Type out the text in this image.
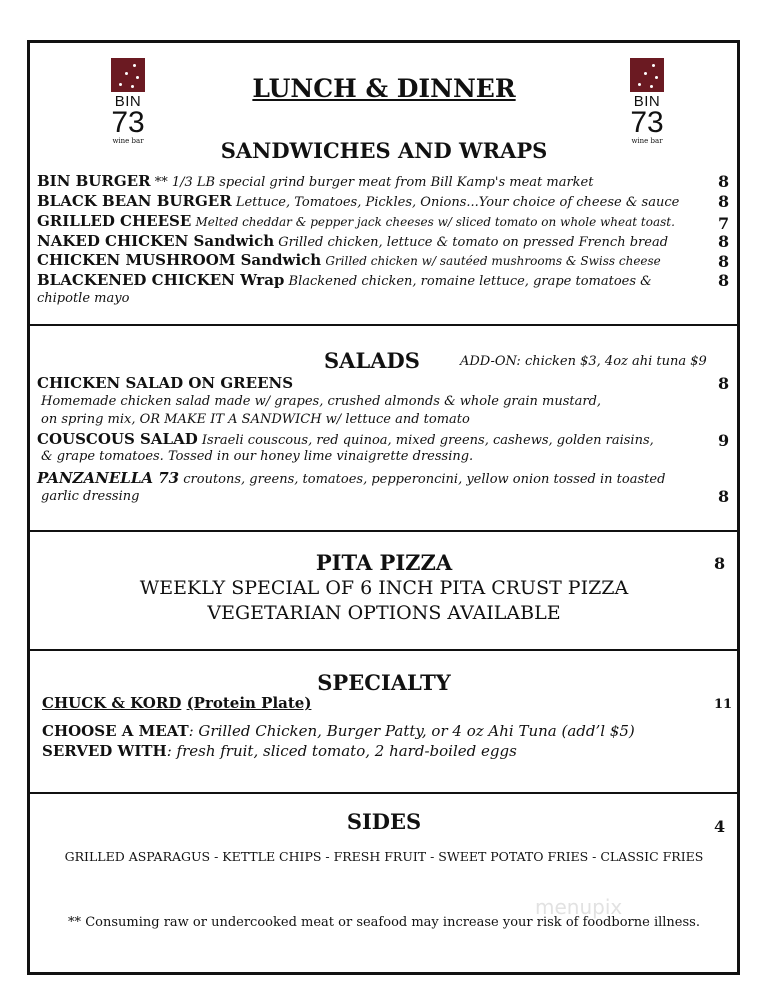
BIN
73
wine bar
BIN
73
wine bar
LUNCH & DINNER
SANDWICHES AND WRAPS
BIN BURGER ** 1/3 LB special grind burger meat from Bill Kamp's meat market	8
BLACK BEAN BURGER Lettuce, Tomatoes, Pickles, Onions...Your choice of cheese & sauce 8
GRILLED CHEESE Melted cheddar & pepper jack cheeses w/ sliced tomato on whole wheat toast.	7
NAKED CHICKEN Sandwich Grilled chicken, lettuce & tomato on pressed French bread	8
CHICKEN MUSHROOM Sandwich Grilled chicken w/ sautéed mushrooms & Swiss cheese	8
BLACKENED CHICKEN Wrap Blackened chicken, romaine lettuce, grape tomatoes &	8
chipotle mayo
SALADS	ADD-ON: chicken $3, 4oz ahi tuna $9
CHICKEN SALAD ON GREENS	8
Homemade chicken salad made w/ grapes, crushed almonds & whole grain mustard,
on spring mix, OR MAKE IT A SANDWICH w/ lettuce and tomato
COUSCOUS SALAD Israeli couscous, red quinoa, mixed greens, cashews, golden raisins,	9
& grape tomatoes. Tossed in our honey lime vinaigrette dressing.
PANZANELLA 73 croutons, greens, tomatoes, pepperoncini, yellow onion tossed in toasted
garlic dressing	8
PITA PIZZA	8
WEEKLY SPECIAL OF 6 INCH PITA CRUST PIZZA
VEGETARIAN OPTIONS AVAILABLE
SPECIALTY
CHUCK & KORD (Protein Plate)	11
CHOOSE A MEAT: Grilled Chicken, Burger Patty, or 4 oz Ahi Tuna (add’l $5)
SERVED WITH: fresh fruit, sliced tomato, 2 hard-boiled eggs
SIDES	4
GRILLED ASPARAGUS - KETTLE CHIPS - FRESH FRUIT - SWEET POTATO FRIES - CLASSIC FRIES
** Consuming raw or undercooked meat or seafood may increase your risk of foodborne illness.
menupix
